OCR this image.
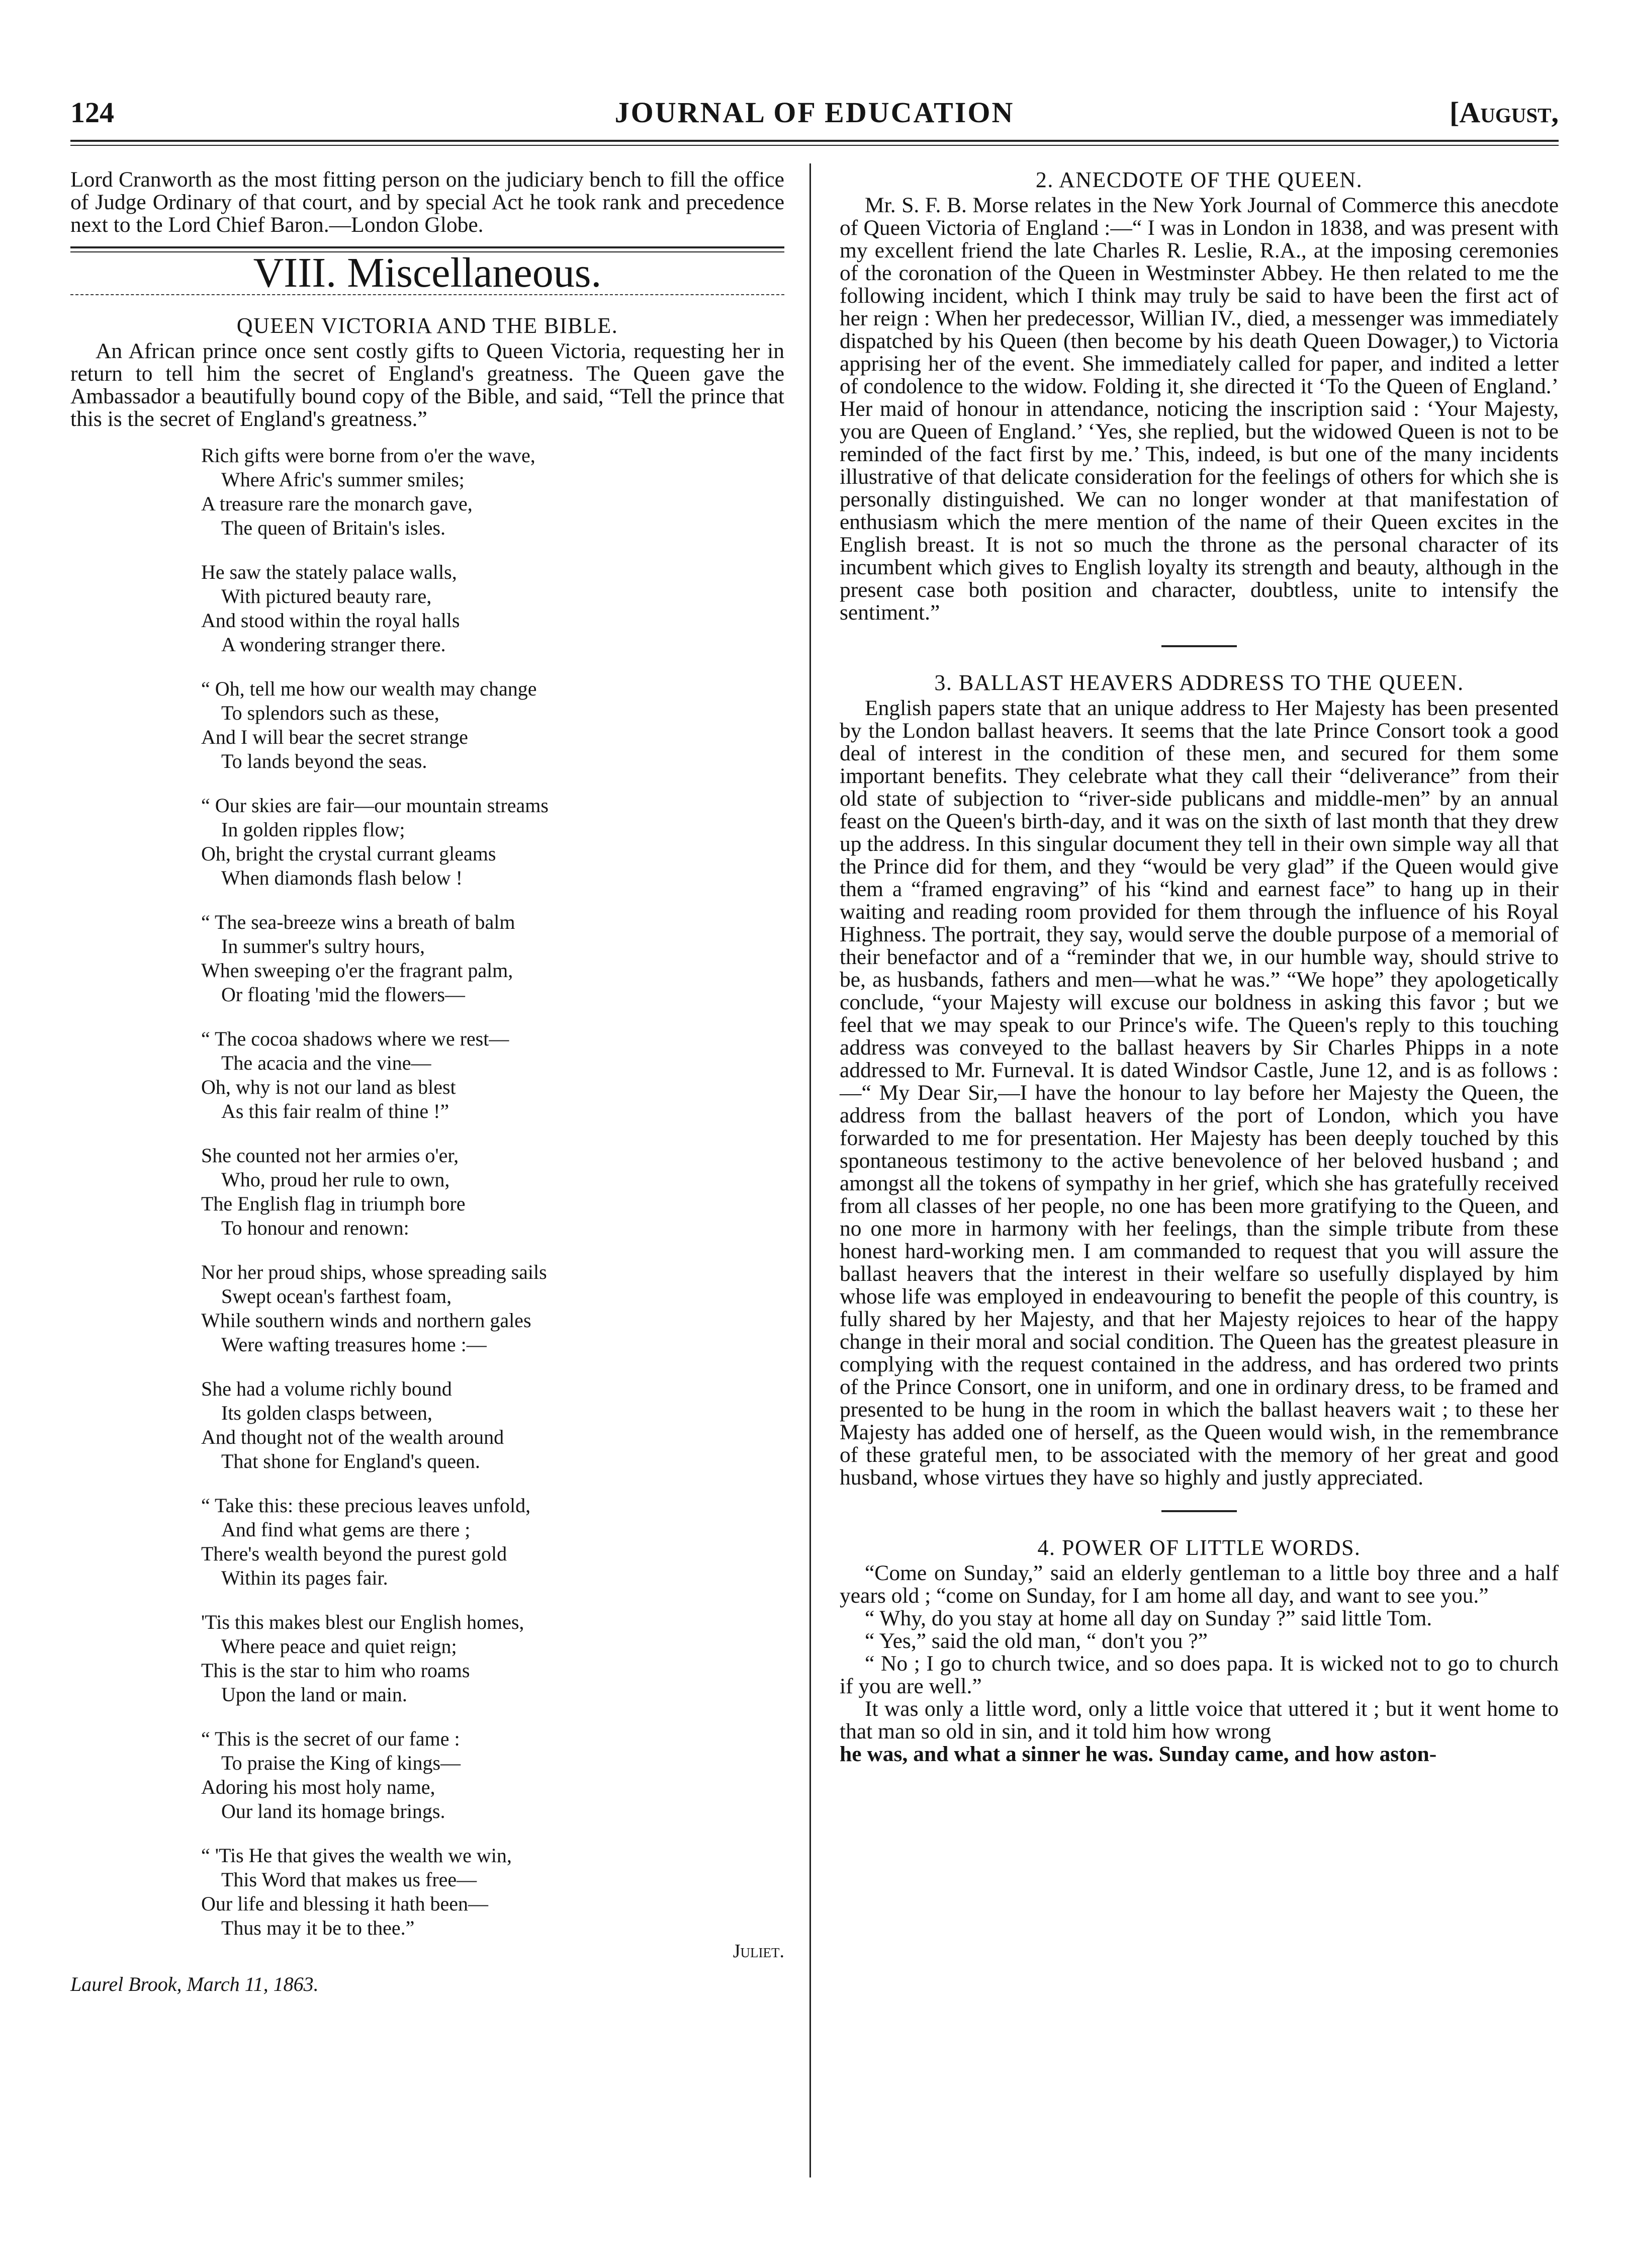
124	JOURNAL OF EDUCATION	[August,

Lord Cranworth as the most fitting person on the judiciary bench to fill the office of Judge Ordinary of that court, and by special Act he took rank and precedence next to the Lord Chief Baron.—London Globe.

VIII. Miscellaneous.
QUEEN VICTORIA AND THE BIBLE.

An African prince once sent costly gifts to Queen Victoria, requesting her in return to tell him the secret of England's greatness. The Queen gave the Ambassador a beautifully bound copy of the Bible, and said, “Tell the prince that this is the secret of England's greatness.”

Rich gifts were borne from o'er the wave,
Where Afric's summer smiles;
A treasure rare the monarch gave,
The queen of Britain's isles.
He saw the stately palace walls,
With pictured beauty rare,
And stood within the royal halls
A wondering stranger there.
“ Oh, tell me how our wealth may change
To splendors such as these,
And I will bear the secret strange
To lands beyond the seas.
“ Our skies are fair—our mountain streams
In golden ripples flow;
Oh, bright the crystal currant gleams
When diamonds flash below !
“ The sea-breeze wins a breath of balm
In summer's sultry hours,
When sweeping o'er the fragrant palm,
Or floating 'mid the flowers—
“ The cocoa shadows where we rest—
The acacia and the vine—
Oh, why is not our land as blest
As this fair realm of thine !”
She counted not her armies o'er,
Who, proud her rule to own,
The English flag in triumph bore
To honour and renown:
Nor her proud ships, whose spreading sails
Swept ocean's farthest foam,
While southern winds and northern gales
Were wafting treasures home :—
She had a volume richly bound
Its golden clasps between,
And thought not of the wealth around
That shone for England's queen.
“ Take this: these precious leaves unfold,
And find what gems are there ;
There's wealth beyond the purest gold
Within its pages fair.
'Tis this makes blest our English homes,
Where peace and quiet reign;
This is the star to him who roams
Upon the land or main.
“ This is the secret of our fame :
To praise the King of kings—
Adoring his most holy name,
Our land its homage brings.
“ 'Tis He that gives the wealth we win,
This Word that makes us free—
Our life and blessing it hath been—
Thus may it be to thee.”
Juliet.
Laurel Brook, March 11, 1863.
2. ANECDOTE OF THE QUEEN.

Mr. S. F. B. Morse relates in the New York Journal of Commerce this anecdote of Queen Victoria of England :—“ I was in London in 1838, and was present with my excellent friend the late Charles R. Leslie, R.A., at the imposing ceremonies of the coronation of the Queen in Westminster Abbey. He then related to me the following incident, which I think may truly be said to have been the first act of her reign : When her predecessor, Willian IV., died, a messenger was immediately dispatched by his Queen (then become by his death Queen Dowager,) to Victoria apprising her of the event. She immediately called for paper, and indited a letter of condolence to the widow. Folding it, she directed it ‘To the Queen of England.’ Her maid of honour in attendance, noticing the inscription said : ‘Your Majesty, you are Queen of England.’ ‘Yes, she replied, but the widowed Queen is not to be reminded of the fact first by me.’ This, indeed, is but one of the many incidents illustrative of that delicate consideration for the feelings of others for which she is personally distinguished. We can no longer wonder at that manifestation of enthusiasm which the mere mention of the name of their Queen excites in the English breast. It is not so much the throne as the personal character of its incumbent which gives to English loyalty its strength and beauty, although in the present case both position and character, doubtless, unite to intensify the sentiment.”

3. BALLAST HEAVERS ADDRESS TO THE QUEEN.

English papers state that an unique address to Her Majesty has been presented by the London ballast heavers. It seems that the late Prince Consort took a good deal of interest in the condition of these men, and secured for them some important benefits. They celebrate what they call their “deliverance” from their old state of subjection to “river-side publicans and middle-men” by an annual feast on the Queen's birth-day, and it was on the sixth of last month that they drew up the address. In this singular document they tell in their own simple way all that the Prince did for them, and they “would be very glad” if the Queen would give them a “framed engraving” of his “kind and earnest face” to hang up in their waiting and reading room provided for them through the influence of his Royal Highness. The portrait, they say, would serve the double purpose of a memorial of their benefactor and of a “reminder that we, in our humble way, should strive to be, as husbands, fathers and men—what he was.” “We hope” they apologetically conclude, “your Majesty will excuse our boldness in asking this favor ; but we feel that we may speak to our Prince's wife. The Queen's reply to this touching address was conveyed to the ballast heavers by Sir Charles Phipps in a note addressed to Mr. Furneval. It is dated Windsor Castle, June 12, and is as follows :—“ My Dear Sir,—I have the honour to lay before her Majesty the Queen, the address from the ballast heavers of the port of London, which you have forwarded to me for presentation. Her Majesty has been deeply touched by this spontaneous testimony to the active benevolence of her beloved husband ; and amongst all the tokens of sympathy in her grief, which she has gratefully received from all classes of her people, no one has been more gratifying to the Queen, and no one more in harmony with her feelings, than the simple tribute from these honest hard-working men. I am commanded to request that you will assure the ballast heavers that the interest in their welfare so usefully displayed by him whose life was employed in endeavouring to benefit the people of this country, is fully shared by her Majesty, and that her Majesty rejoices to hear of the happy change in their moral and social condition. The Queen has the greatest pleasure in complying with the request contained in the address, and has ordered two prints of the Prince Consort, one in uniform, and one in ordinary dress, to be framed and presented to be hung in the room in which the ballast heavers wait ; to these her Majesty has added one of herself, as the Queen would wish, in the remembrance of these grateful men, to be associated with the memory of her great and good husband, whose virtues they have so highly and justly appreciated.

4. POWER OF LITTLE WORDS.

“Come on Sunday,” said an elderly gentleman to a little boy three and a half years old ; “come on Sunday, for I am home all day, and want to see you.”

“ Why, do you stay at home all day on Sunday ?” said little Tom.

“ Yes,” said the old man, “ don't you ?”

“ No ; I go to church twice, and so does papa. It is wicked not to go to church if you are well.”

It was only a little word, only a little voice that uttered it ; but it went home to that man so old in sin, and it told him how wrong

he was, and what a sinner he was. Sunday came, and how aston-
